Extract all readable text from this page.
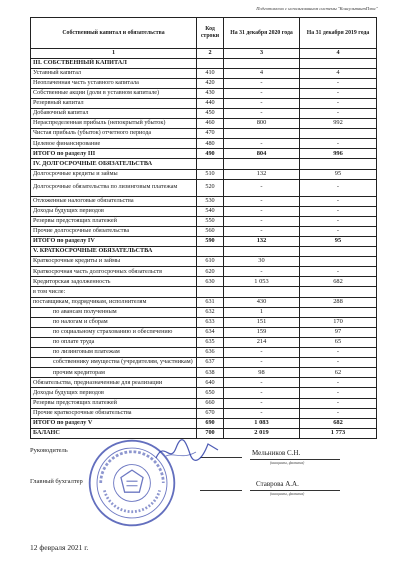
Подготовлено с использованием системы "КонсультантПлюс"
Собственный капитал и обязательства	Код строки	На 31 декабря 2020 года	На 31 декабря 2019 года
1	2	3	4
III. СОБСТВЕННЫЙ КАПИТАЛ			
Уставный капитал	410	4	4
Неоплаченная часть уставного капитала	420	-	-
Собственные акции (доли в уставном капитале)	430	-	-
Резервный капитал	440	-	-
Добавочный капитал	450	-	-
Нераспределенная прибыль (непокрытый убыток)	460	800	992
Чистая прибыль (убыток) отчетного периода	470		
Целевое финансирование	480	-	-
ИТОГО по разделу III	490	804	996
IV. ДОЛГОСРОЧНЫЕ ОБЯЗАТЕЛЬСТВА			
Долгосрочные кредиты и займы	510	132	95
Долгосрочные обязательства по лизинговым платежам	520	-	-
Отложенные налоговые обязательства	530	-	-
Доходы будущих периодов	540	-	-
Резервы предстоящих платежей	550	-	-
Прочие долгосрочные обязательства	560	-	-
ИТОГО по разделу IV	590	132	95
V. КРАТКОСРОЧНЫЕ ОБЯЗАТЕЛЬСТВА			
Краткосрочные кредиты и займы	610	30	
Краткосрочная часть долгосрочных обязательств	620	-	-
Кредиторская задолженность	630	1 053	682
в том числе:			
поставщикам, подрядчикам, исполнителям	631	430	288
по авансам полученным	632	1	
по налогам и сборам	633	151	170
по социальному страхованию и обеспечению	634	159	97
по оплате труда	635	214	65
по лизинговым платежам	636	-	-
собственнику имущества (учредителям, участникам)	637	-	-
прочим кредиторам	638	98	62
Обязательства, предназначенные для реализации	640	-	-
Доходы будущих периодов	650	-	-
Резервы предстоящих платежей	660	-	-
Прочие краткосрочные обязательства	670	-	-
ИТОГО по разделу V	690	1 083	682
БАЛАНС	700	2 019	1 773
Руководитель	Мельников С.Н.
(инициалы, фамилия)
Главный бухгалтер	Ставрова А.А.
(инициалы, фамилия)
12 февраля 2021 г.
